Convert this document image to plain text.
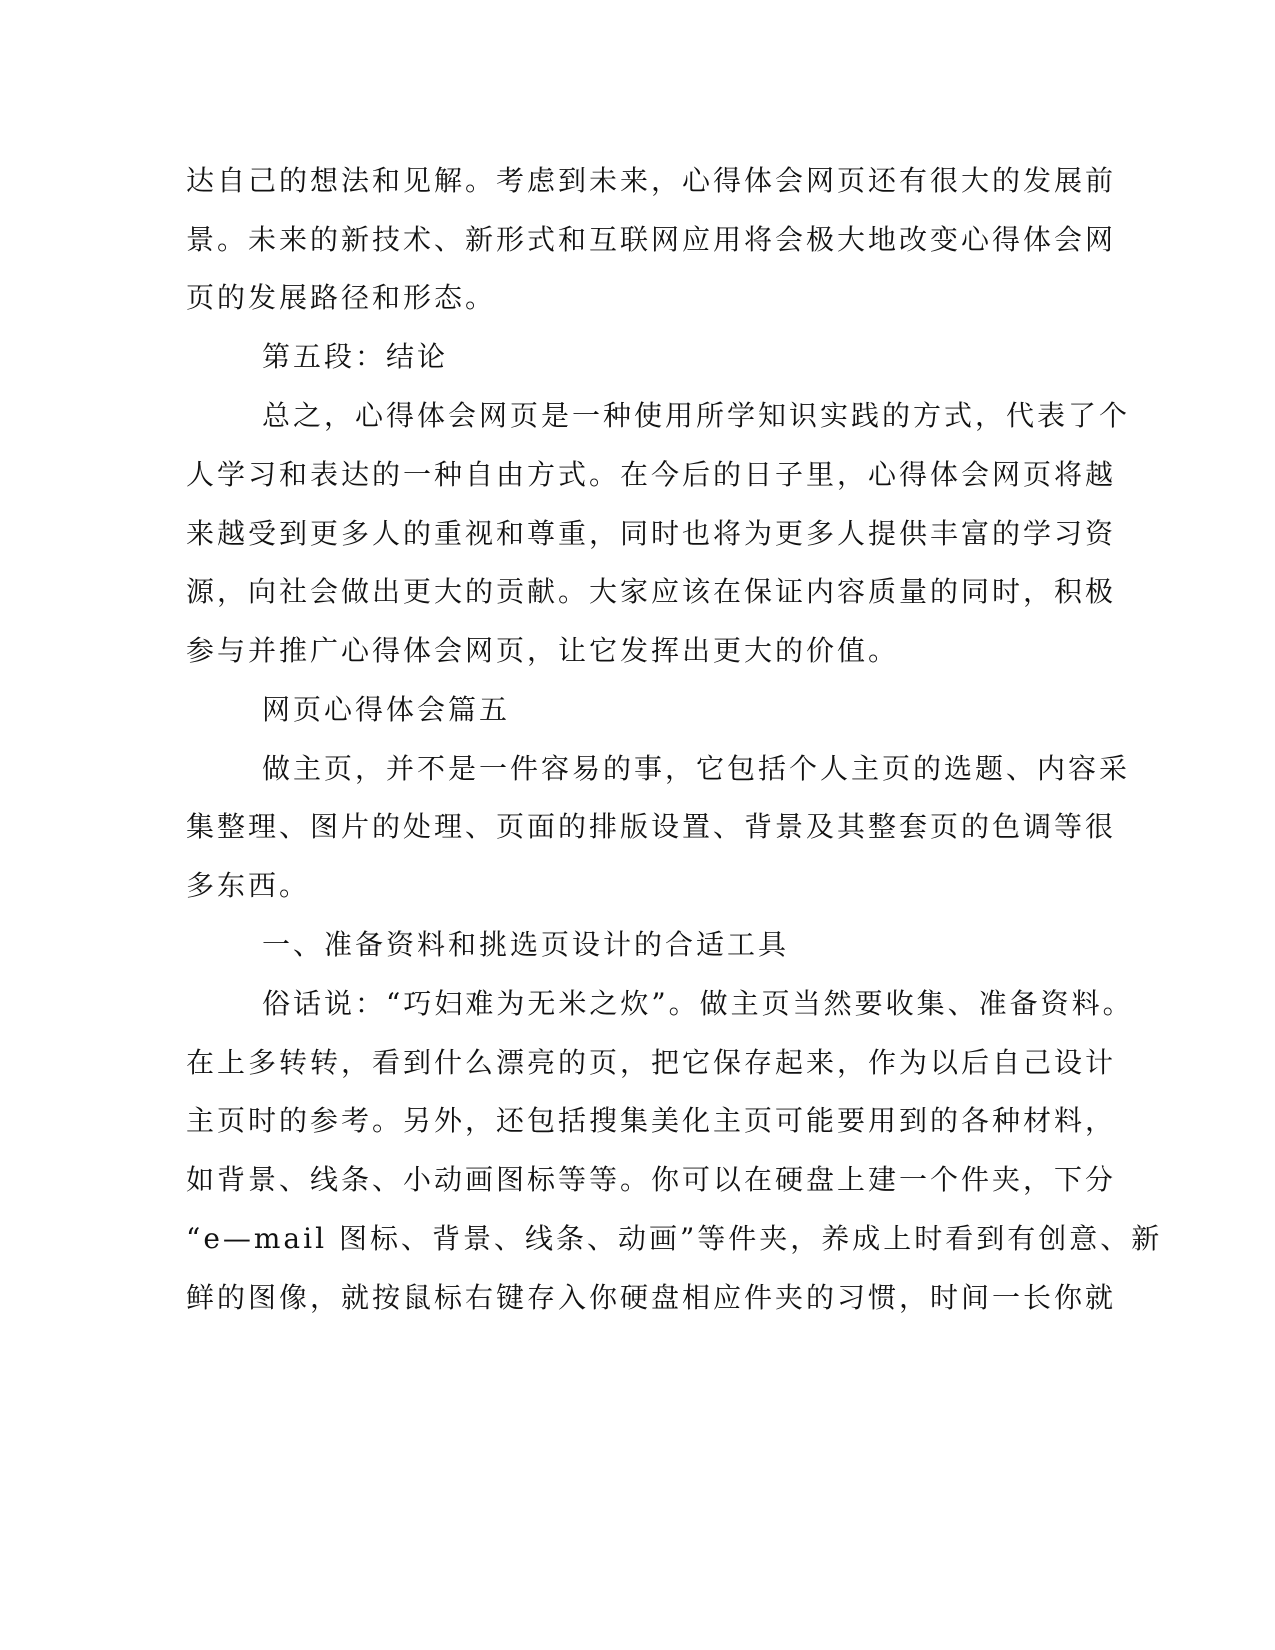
达自己的想法和见解。考虑到未来，心得体会网页还有很大的发展前
景。未来的新技术、新形式和互联网应用将会极大地改变心得体会网
页的发展路径和形态。
第五段：结论
总之，心得体会网页是一种使用所学知识实践的方式，代表了个
人学习和表达的一种自由方式。在今后的日子里，心得体会网页将越
来越受到更多人的重视和尊重，同时也将为更多人提供丰富的学习资
源，向社会做出更大的贡献。大家应该在保证内容质量的同时，积极
参与并推广心得体会网页，让它发挥出更大的价值。
网页心得体会篇五
做主页，并不是一件容易的事，它包括个人主页的选题、内容采
集整理、图片的处理、页面的排版设置、背景及其整套页的色调等很
多东西。
一、准备资料和挑选页设计的合适工具
俗话说：“巧妇难为无米之炊”。做主页当然要收集、准备资料。
在上多转转，看到什么漂亮的页，把它保存起来，作为以后自己设计
主页时的参考。另外，还包括搜集美化主页可能要用到的各种材料，
如背景、线条、小动画图标等等。你可以在硬盘上建一个件夹，下分
“e—mail 图标、背景、线条、动画”等件夹，养成上时看到有创意、新
鲜的图像，就按鼠标右键存入你硬盘相应件夹的习惯，时间一长你就
